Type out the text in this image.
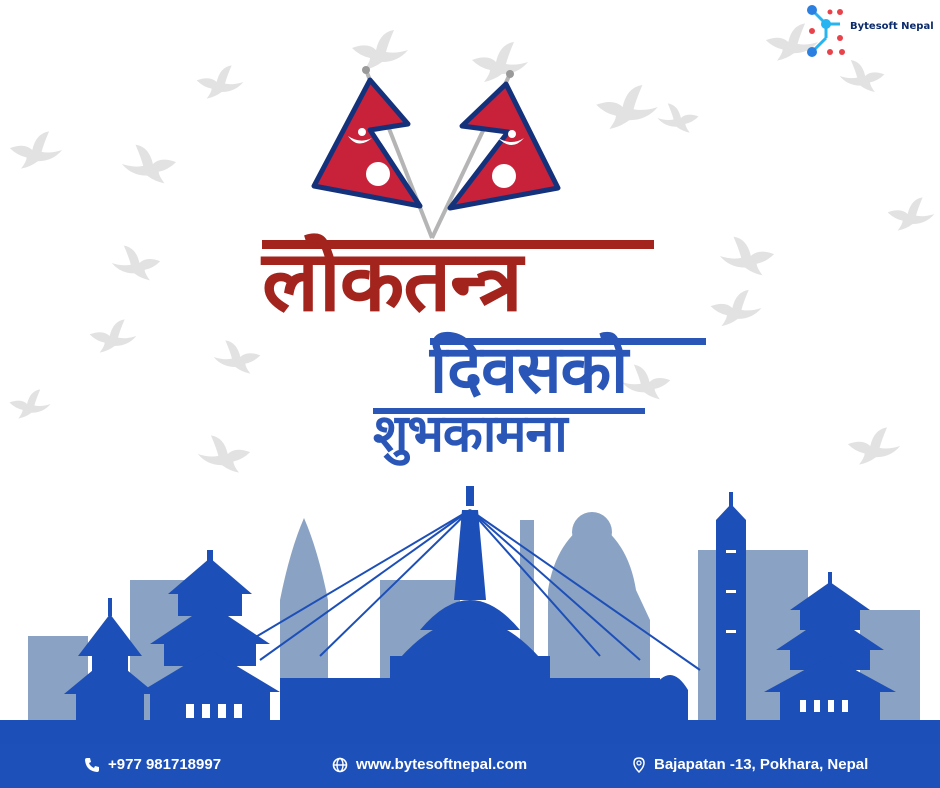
Bytesoft Nepal
लोकतन्त्र
दिवसको
शुभकामना
+977 981718997	www.bytesoftnepal.com	Bajapatan -13, Pokhara, Nepal
